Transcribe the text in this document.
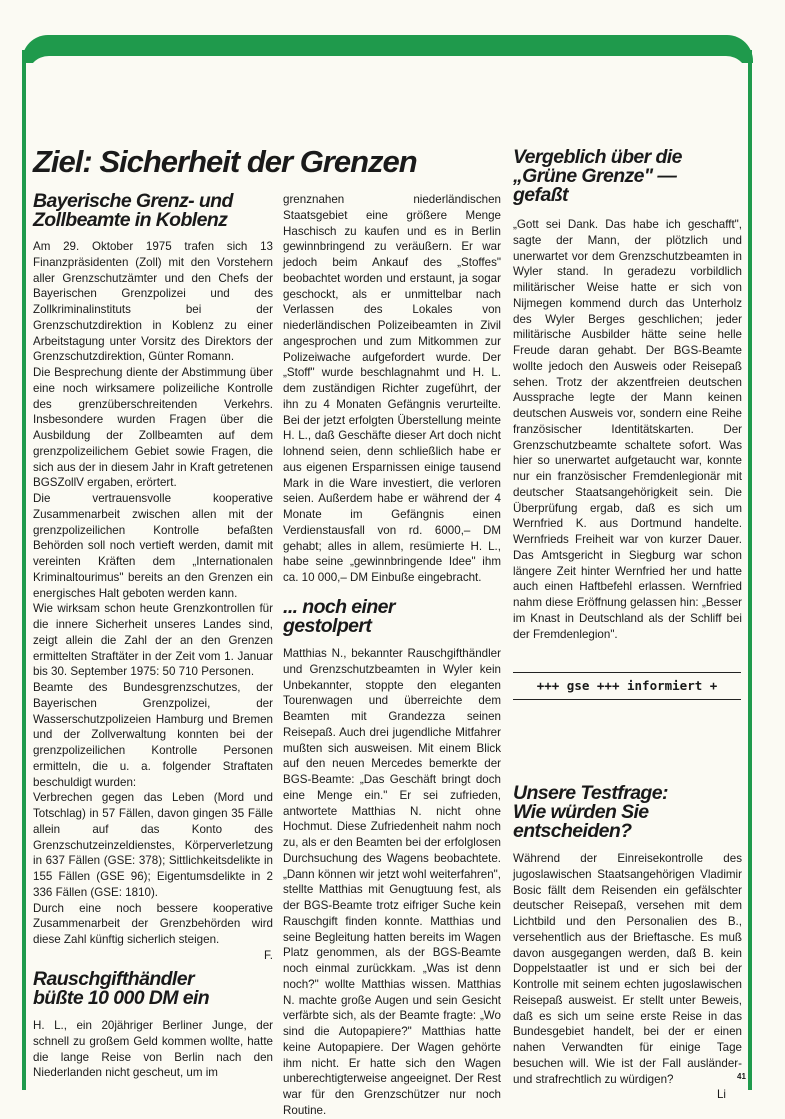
Ziel: Sicherheit der Grenzen
Bayerische Grenz- und Zollbeamte in Koblenz

Am 29. Oktober 1975 trafen sich 13 Finanzpräsidenten (Zoll) mit den Vorstehern aller Grenzschutzämter und den Chefs der Bayerischen Grenzpolizei und des Zollkriminalinstituts bei der Grenzschutzdirektion in Koblenz zu einer Arbeitstagung unter Vorsitz des Direktors der Grenzschutzdirektion, Günter Romann.

Die Besprechung diente der Abstimmung über eine noch wirksamere polizeiliche Kontrolle des grenzüberschreitenden Verkehrs. Insbesondere wurden Fragen über die Ausbildung der Zollbeamten auf dem grenzpolizeilichem Gebiet sowie Fragen, die sich aus der in diesem Jahr in Kraft getretenen BGSZollV ergaben, erörtert.

Die vertrauensvolle kooperative Zusammenarbeit zwischen allen mit der grenzpolizeilichen Kontrolle befaßten Behörden soll noch vertieft werden, damit mit vereinten Kräften dem „Internationalen Kriminaltourimus" bereits an den Grenzen ein energisches Halt geboten werden kann.

Wie wirksam schon heute Grenzkontrollen für die innere Sicherheit unseres Landes sind, zeigt allein die Zahl der an den Grenzen ermittelten Straftäter in der Zeit vom 1. Januar bis 30. September 1975: 50 710 Personen.

Beamte des Bundesgrenzschutzes, der Bayerischen Grenzpolizei, der Wasserschutzpolizeien Hamburg und Bremen und der Zollverwaltung konnten bei der grenzpolizeilichen Kontrolle Personen ermitteln, die u. a. folgender Straftaten beschuldigt wurden:

Verbrechen gegen das Leben (Mord und Totschlag) in 57 Fällen, davon gingen 35 Fälle allein auf das Konto des Grenzschutzeinzeldienstes, Körperverletzung in 637 Fällen (GSE: 378); Sittlichkeitsdelikte in 155 Fällen (GSE 96); Eigentumsdelikte in 2 336 Fällen (GSE: 1810).

Durch eine noch bessere kooperative Zusammenarbeit der Grenzbehörden wird diese Zahl künftig sicherlich steigen.

F.

Rauschgifthändler büßte 10 000 DM ein

H. L., ein 20jähriger Berliner Junge, der schnell zu großem Geld kommen wollte, hatte die lange Reise von Berlin nach den Niederlanden nicht gescheut, um im

grenznahen niederländischen Staatsgebiet eine größere Menge Haschisch zu kaufen und es in Berlin gewinnbringend zu veräußern. Er war jedoch beim Ankauf des „Stoffes" beobachtet worden und erstaunt, ja sogar geschockt, als er unmittelbar nach Verlassen des Lokales von niederländischen Polizeibeamten in Zivil angesprochen und zum Mitkommen zur Polizeiwache aufgefordert wurde. Der „Stoff" wurde beschlagnahmt und H. L. dem zuständigen Richter zugeführt, der ihn zu 4 Monaten Gefängnis verurteilte. Bei der jetzt erfolgten Überstellung meinte H. L., daß Geschäfte dieser Art doch nicht lohnend seien, denn schließlich habe er aus eigenen Ersparnissen einige tausend Mark in die Ware investiert, die verloren seien. Außerdem habe er während der 4 Monate im Gefängnis einen Verdienstausfall von rd. 6000,– DM gehabt; alles in allem, resümierte H. L., habe seine „gewinnbringende Idee" ihm ca. 10 000,– DM Einbuße eingebracht.

... noch einer gestolpert

Matthias N., bekannter Rauschgifthändler und Grenzschutzbeamten in Wyler kein Unbekannter, stoppte den eleganten Tourenwagen und überreichte dem Beamten mit Grandezza seinen Reisepaß. Auch drei jugendliche Mitfahrer mußten sich ausweisen. Mit einem Blick auf den neuen Mercedes bemerkte der BGS-Beamte: „Das Geschäft bringt doch eine Menge ein." Er sei zufrieden, antwortete Matthias N. nicht ohne Hochmut. Diese Zufriedenheit nahm noch zu, als er den Beamten bei der erfolglosen Durchsuchung des Wagens beobachtete. „Dann können wir jetzt wohl weiterfahren", stellte Matthias mit Genugtuung fest, als der BGS-Beamte trotz eifriger Suche kein Rauschgift finden konnte. Matthias und seine Begleitung hatten bereits im Wagen Platz genommen, als der BGS-Beamte noch einmal zurückkam. „Was ist denn noch?" wollte Matthias wissen. Matthias N. machte große Augen und sein Gesicht verfärbte sich, als der Beamte fragte: „Wo sind die Autopapiere?" Matthias hatte keine Autopapiere. Der Wagen gehörte ihm nicht. Er hatte sich den Wagen unberechtigterweise angeeignet. Der Rest war für den Grenzschützer nur noch Routine.

Vergeblich über die „Grüne Grenze" — gefaßt

„Gott sei Dank. Das habe ich geschafft", sagte der Mann, der plötzlich und unerwartet vor dem Grenzschutzbeamten in Wyler stand. In geradezu vorbildlich militärischer Weise hatte er sich von Nijmegen kommend durch das Unterholz des Wyler Berges geschlichen; jeder militärische Ausbilder hätte seine helle Freude daran gehabt. Der BGS-Beamte wollte jedoch den Ausweis oder Reisepaß sehen. Trotz der akzentfreien deutschen Aussprache legte der Mann keinen deutschen Ausweis vor, sondern eine Reihe französischer Identitätskarten. Der Grenzschutzbeamte schaltete sofort. Was hier so unerwartet aufgetaucht war, konnte nur ein französischer Fremdenlegionär mit deutscher Staatsangehörigkeit sein. Die Überprüfung ergab, daß es sich um Wernfried K. aus Dortmund handelte. Wernfrieds Freiheit war von kurzer Dauer. Das Amtsgericht in Siegburg war schon längere Zeit hinter Wernfried her und hatte auch einen Haftbefehl erlassen. Wernfried nahm diese Eröffnung gelassen hin: „Besser im Knast in Deutschland als der Schliff bei der Fremdenlegion".

+++ gse +++ informiert +
Unsere Testfrage: Wie würden Sie entscheiden?

Während der Einreisekontrolle des jugoslawischen Staatsangehörigen Vladimir Bosic fällt dem Reisenden ein gefälschter deutscher Reisepaß, versehen mit dem Lichtbild und den Personalien des B., versehentlich aus der Brieftasche. Es muß davon ausgegangen werden, daß B. kein Doppelstaatler ist und er sich bei der Kontrolle mit seinem echten jugoslawischen Reisepaß ausweist. Er stellt unter Beweis, daß es sich um seine erste Reise in das Bundesgebiet handelt, bei der er einen nahen Verwandten für einige Tage besuchen will. Wie ist der Fall ausländer- und strafrechtlich zu würdigen?

Li

41
